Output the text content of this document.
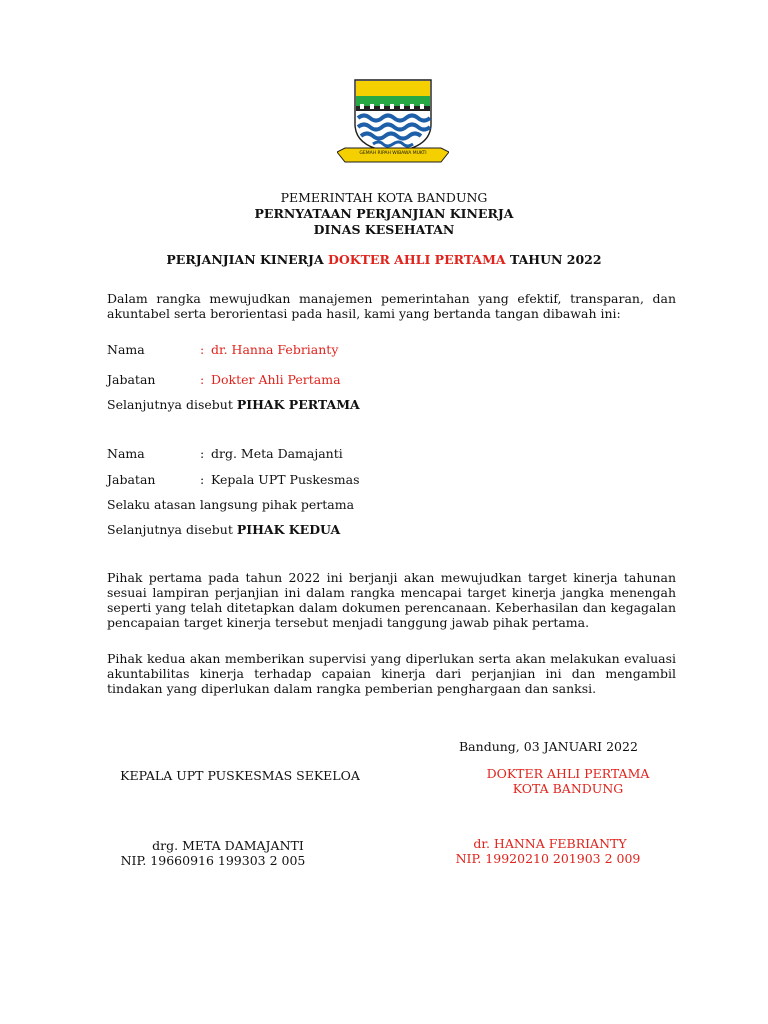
GEMAH RIPAH WIBAWA MUKTI
PEMERINTAH KOTA BANDUNG
PERNYATAAN PERJANJIAN KINERJA
DINAS KESEHATAN
PERJANJIAN KINERJA DOKTER AHLI PERTAMA TAHUN 2022
Dalam rangka mewujudkan manajemen pemerintahan yang efektif, transparan, dan akuntabel serta berorientasi pada hasil, kami yang bertanda tangan dibawah ini:
Nama	: dr. Hanna Febrianty
Jabatan	: Dokter Ahli Pertama
Selanjutnya disebut PIHAK PERTAMA
Nama	: drg. Meta Damajanti
Jabatan	: Kepala UPT Puskesmas
Selaku atasan langsung pihak pertama
Selanjutnya disebut PIHAK KEDUA
Pihak pertama pada tahun 2022 ini berjanji akan mewujudkan target kinerja tahunan sesuai lampiran perjanjian ini dalam rangka mencapai target kinerja jangka menengah seperti yang telah ditetapkan dalam dokumen perencanaan. Keberhasilan dan kegagalan pencapaian target kinerja tersebut menjadi tanggung jawab pihak pertama.
Pihak kedua akan memberikan supervisi yang diperlukan serta akan melakukan evaluasi akuntabilitas kinerja terhadap capaian kinerja dari perjanjian ini dan mengambil tindakan yang diperlukan dalam rangka pemberian penghargaan dan sanksi.
Bandung, 03 JANUARI 2022
KEPALA UPT PUSKESMAS SEKELOA	DOKTER AHLI PERTAMA
KOTA BANDUNG
drg. META DAMAJANTI
NIP. 19660916 199303 2 005
dr. HANNA FEBRIANTY
NIP. 19920210 201903 2 009
